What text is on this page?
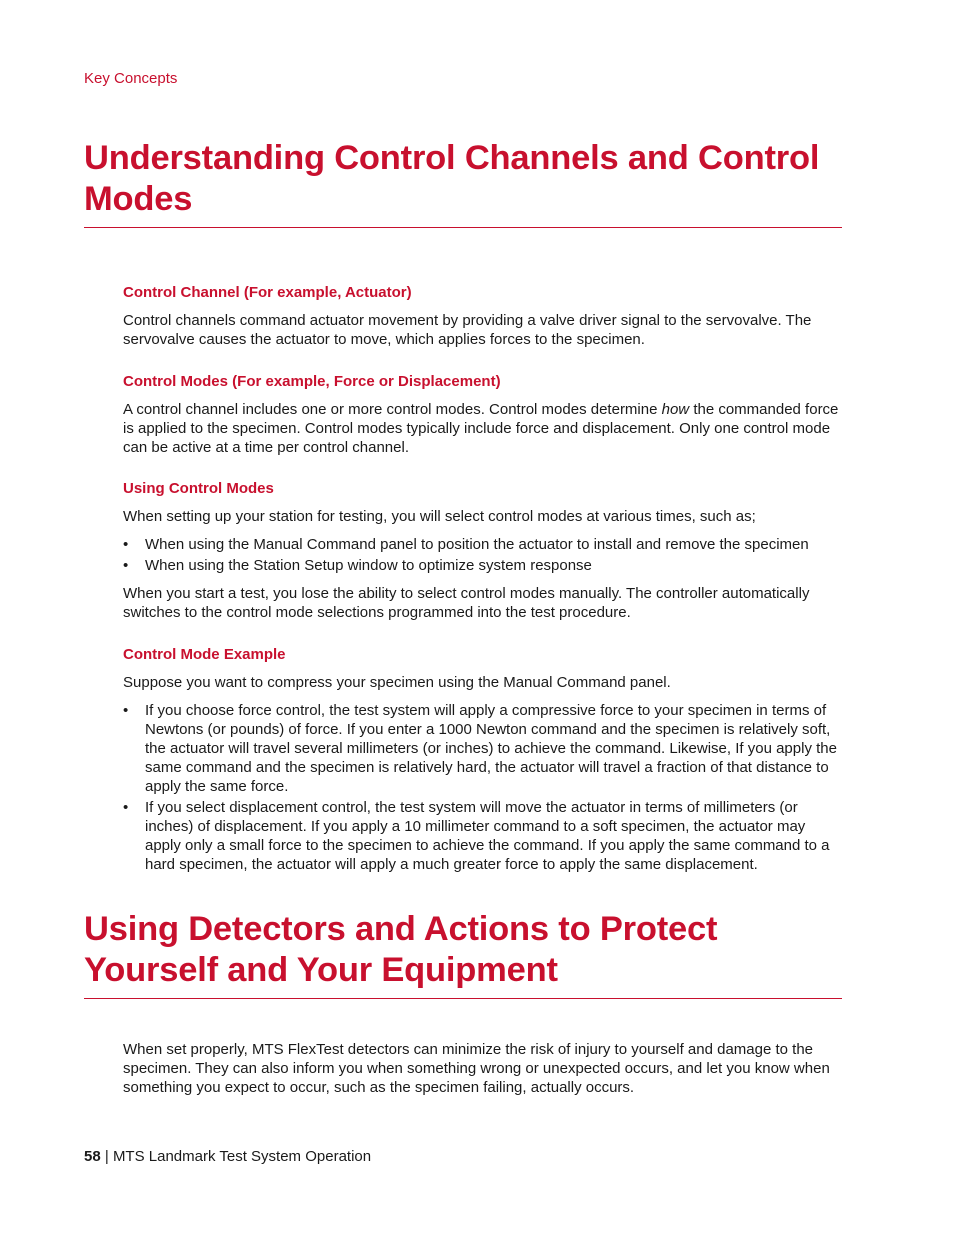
Key Concepts

Understanding Control Channels and Control Modes
Control Channel (For example, Actuator)

Control channels command actuator movement by providing a valve driver signal to the servovalve. The servovalve causes the actuator to move, which applies forces to the specimen.

Control Modes (For example, Force or Displacement)

A control channel includes one or more control modes. Control modes determine how the commanded force is applied to the specimen. Control modes typically include force and displacement. Only one control mode can be active at a time per control channel.

Using Control Modes

When setting up your station for testing, you will select control modes at various times, such as;

• When using the Manual Command panel to position the actuator to install and remove the specimen
• When using the Station Setup window to optimize system response

When you start a test, you lose the ability to select control modes manually. The controller automatically switches to the control mode selections programmed into the test procedure.

Control Mode Example

Suppose you want to compress your specimen using the Manual Command panel.

• If you choose force control, the test system will apply a compressive force to your specimen in terms of Newtons (or pounds) of force. If you enter a 1000 Newton command and the specimen is relatively soft, the actuator will travel several millimeters (or inches) to achieve the command. Likewise, If you apply the same command and the specimen is relatively hard, the actuator will travel a fraction of that distance to apply the same force.
• If you select displacement control, the test system will move the actuator in terms of millimeters (or inches) of displacement. If you apply a 10 millimeter command to a soft specimen, the actuator may apply only a small force to the specimen to achieve the command. If you apply the same command to a hard specimen, the actuator will apply a much greater force to apply the same displacement.
Using Detectors and Actions to Protect Yourself and Your Equipment

When set properly, MTS FlexTest detectors can minimize the risk of injury to yourself and damage to the specimen. They can also inform you when something wrong or unexpected occurs, and let you know when something you expect to occur, such as the specimen failing, actually occurs.

58 | MTS Landmark Test System Operation
